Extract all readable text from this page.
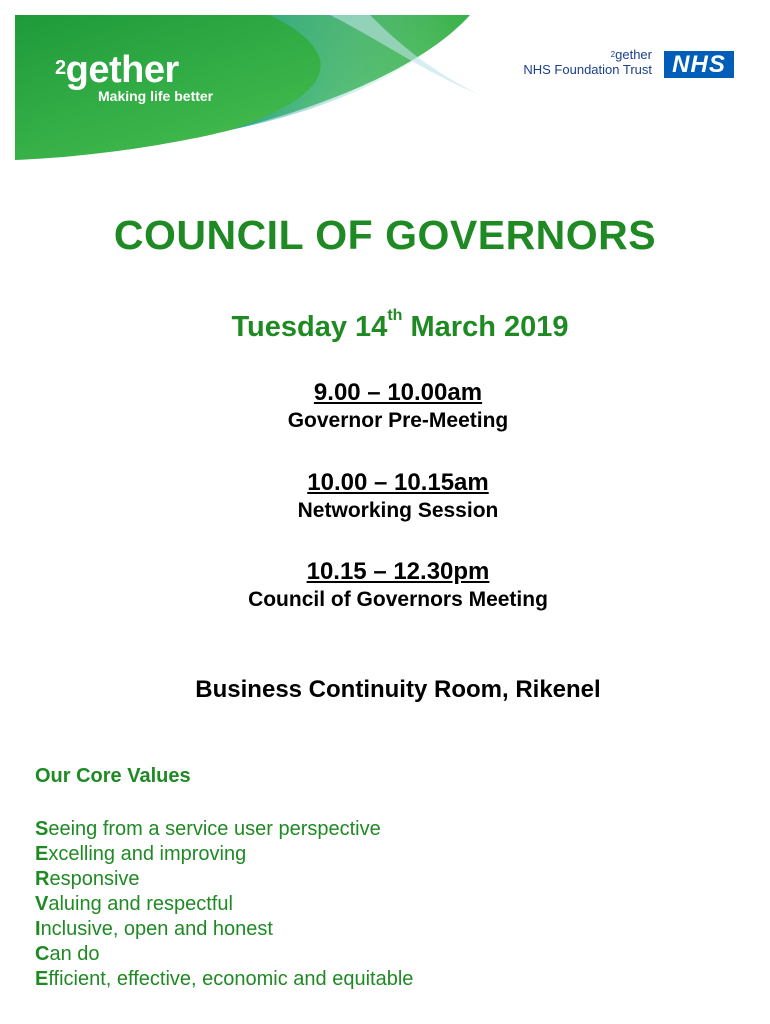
$^2$gether
Making life better
$^2$gether
NHS Foundation Trust NHS
COUNCIL OF GOVERNORS
Tuesday 14th March 2019
9.00 – 10.00am
Governor Pre-Meeting
10.00 – 10.15am
Networking Session
10.15 – 12.30pm
Council of Governors Meeting
Business Continuity Room, Rikenel
Our Core Values
Seeing from a service user perspective
Excelling and improving
Responsive
Valuing and respectful
Inclusive, open and honest
Can do
Efficient, effective, economic and equitable
